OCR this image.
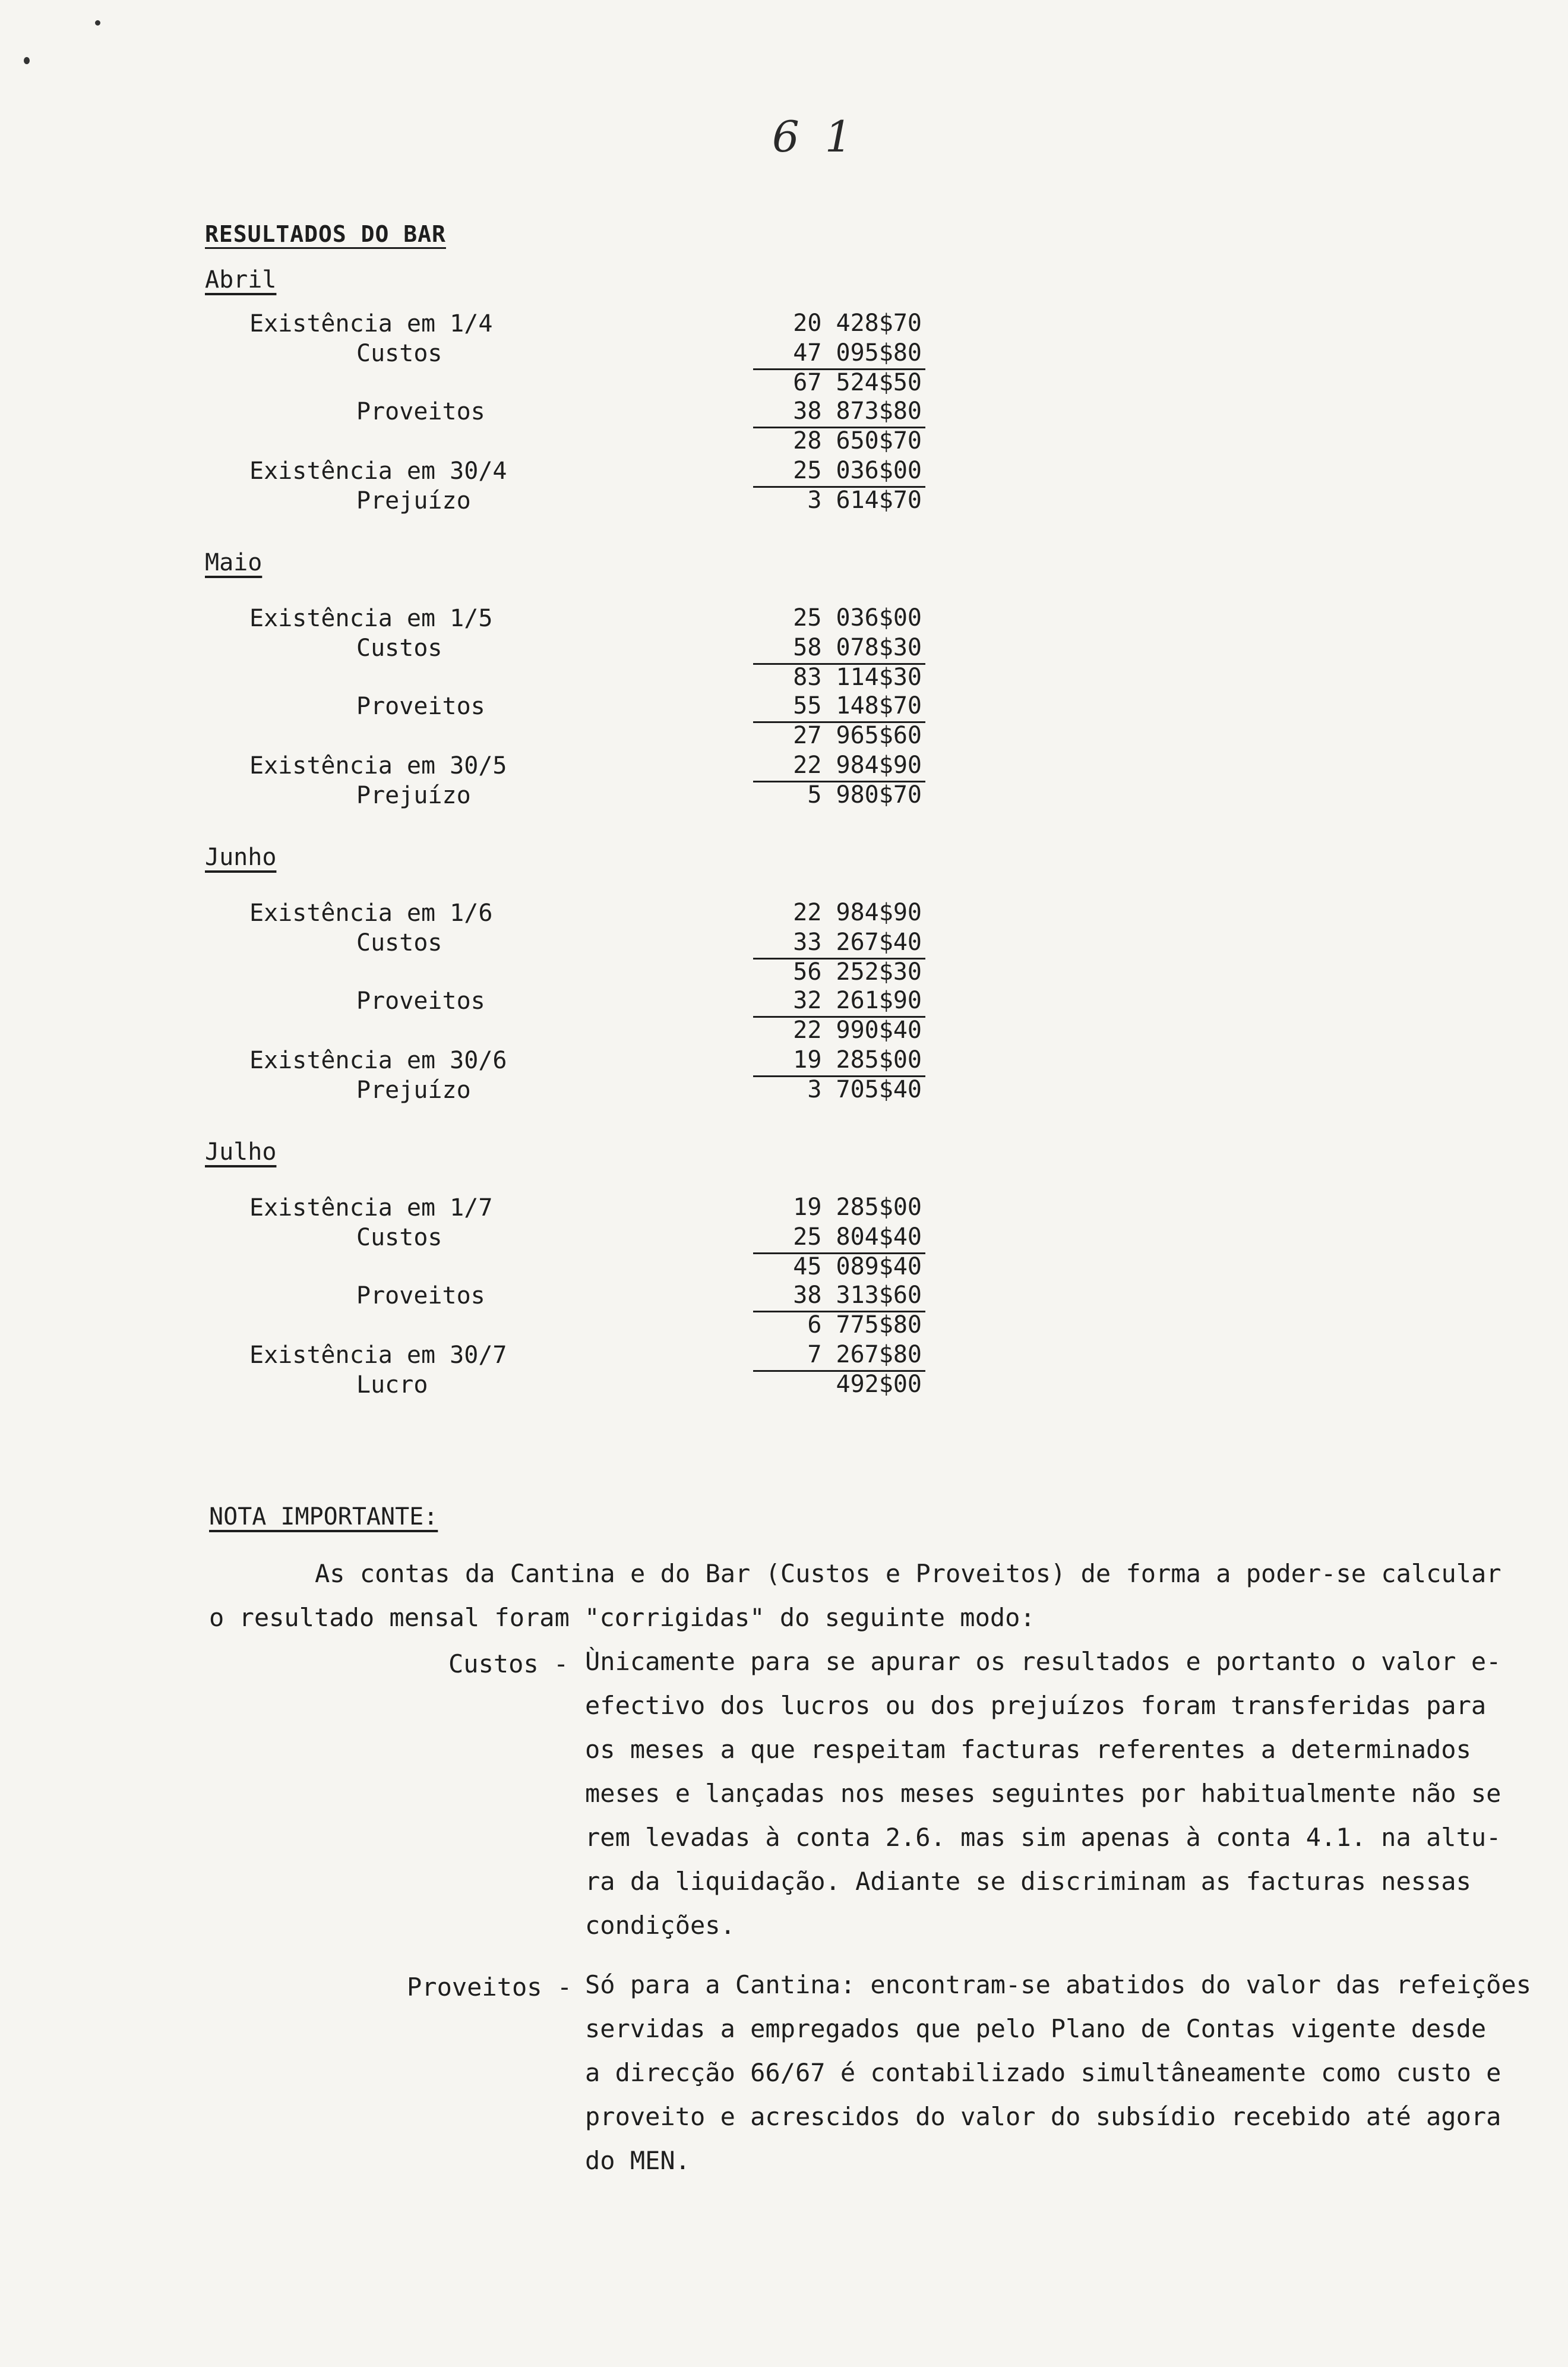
6 1
RESULTADOS DO BAR
Abril
Existência em 1/4	20 428$70
Custos	47 095$80
67 524$50
Proveitos	38 873$80
28 650$70
Existência em 30/4	25 036$00
Prejuízo	3 614$70
Maio
Existência em 1/5	25 036$00
Custos	58 078$30
83 114$30
Proveitos	55 148$70
27 965$60
Existência em 30/5	22 984$90
Prejuízo	5 980$70
Junho
Existência em 1/6	22 984$90
Custos	33 267$40
56 252$30
Proveitos	32 261$90
22 990$40
Existência em 30/6	19 285$00
Prejuízo	3 705$40
Julho
Existência em 1/7	19 285$00
Custos	25 804$40
45 089$40
Proveitos	38 313$60
6 775$80
Existência em 30/7	7 267$80
Lucro	492$00
NOTA IMPORTANTE:
As contas da Cantina e do Bar (Custos e Proveitos) de forma a poder-se calcular
o resultado mensal foram "corrigidas" do seguinte modo:
Custos - Ùnicamente para se apurar os resultados e portanto o valor e-
efectivo dos lucros ou dos prejuízos foram transferidas para
os meses a que respeitam facturas referentes a determinados
meses e lançadas nos meses seguintes por habitualmente não se
rem levadas à conta 2.6. mas sim apenas à conta 4.1. na altu-
ra da liquidação. Adiante se discriminam as facturas nessas
condições.
Proveitos - Só para a Cantina: encontram-se abatidos do valor das refeições
servidas a empregados que pelo Plano de Contas vigente desde
a direcção 66/67 é contabilizado simultâneamente como custo e
proveito e acrescidos do valor do subsídio recebido até agora
do MEN.
